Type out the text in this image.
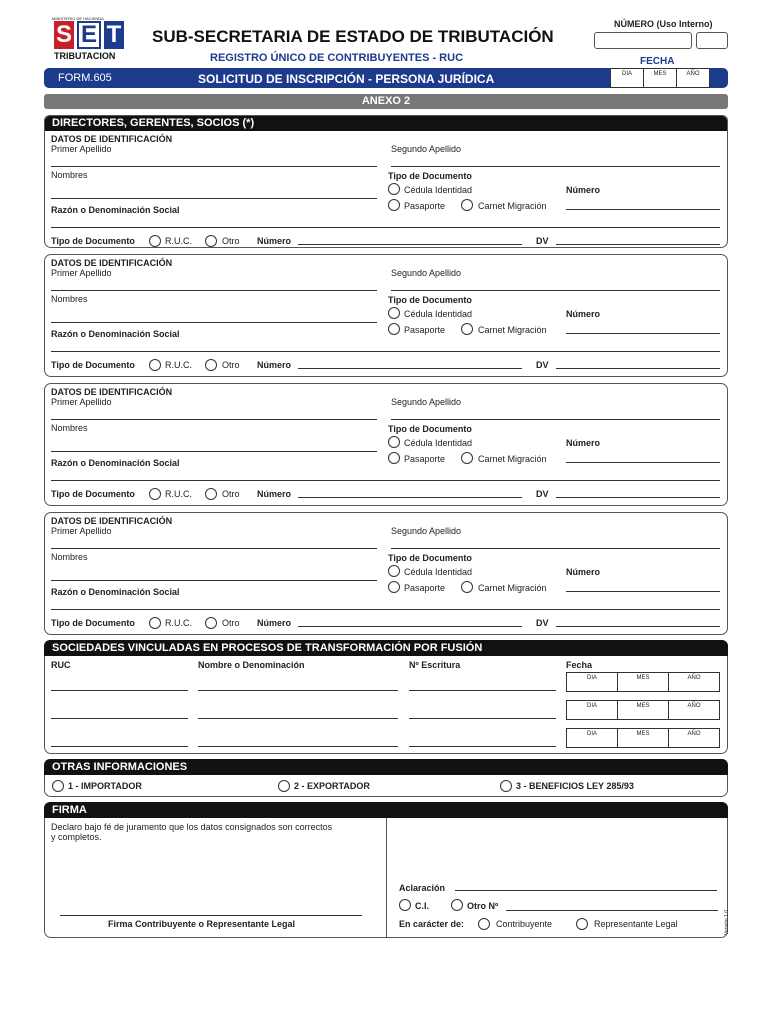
MINISTERIO DE HACIENDA
S E T
TRIBUTACION
SUB-SECRETARIA DE ESTADO DE TRIBUTACIÓN
REGISTRO ÚNICO DE CONTRIBUYENTES - RUC
NÚMERO (Uso Interno)
FECHA
FORM.605	SOLICITUD DE INSCRIPCIÓN - PERSONA JURÍDICA	DIA	MES	AÑO
ANEXO 2
DIRECTORES, GERENTES, SOCIOS (*)
DATOS DE IDENTIFICACIÓN
Primer Apellido	Segundo Apellido
Nombres	Tipo de Documento
Cédula Identidad	Número
Pasaporte	Carnet Migración
Razón o Denominación Social
Tipo de Documento	R.U.C.	Otro Número	DV
DATOS DE IDENTIFICACIÓN
Primer Apellido	Segundo Apellido
Nombres	Tipo de Documento
Cédula Identidad	Número
Pasaporte	Carnet Migración
Razón o Denominación Social
Tipo de Documento	R.U.C.	Otro Número	DV
DATOS DE IDENTIFICACIÓN
Primer Apellido	Segundo Apellido
Nombres	Tipo de Documento
Cédula Identidad	Número
Pasaporte	Carnet Migración
Razón o Denominación Social
Tipo de Documento	R.U.C.	Otro Número	DV
DATOS DE IDENTIFICACIÓN
Primer Apellido	Segundo Apellido
Nombres	Tipo de Documento
Cédula Identidad	Número
Pasaporte	Carnet Migración
Razón o Denominación Social
Tipo de Documento	R.U.C.	Otro Número	DV
SOCIEDADES VINCULADAS EN PROCESOS DE TRANSFORMACIÓN POR FUSIÓN
RUC	Nombre o Denominación	Nº Escritura	Fecha
DIA	MES	AÑO
DIA	MES	AÑO
DIA	MES	AÑO
OTRAS INFORMACIONES
1 - IMPORTADOR	2 - EXPORTADOR	3 - BENEFICIOS LEY 285/93
FIRMA
Declaro bajo fé de juramento que los datos consignados son correctos
y completos.
Firma Contribuyente o Representante Legal
Aclaración
C.I.	Otro Nº
En carácter de:	Contribuyente	Representante Legal	Versión 1.0
